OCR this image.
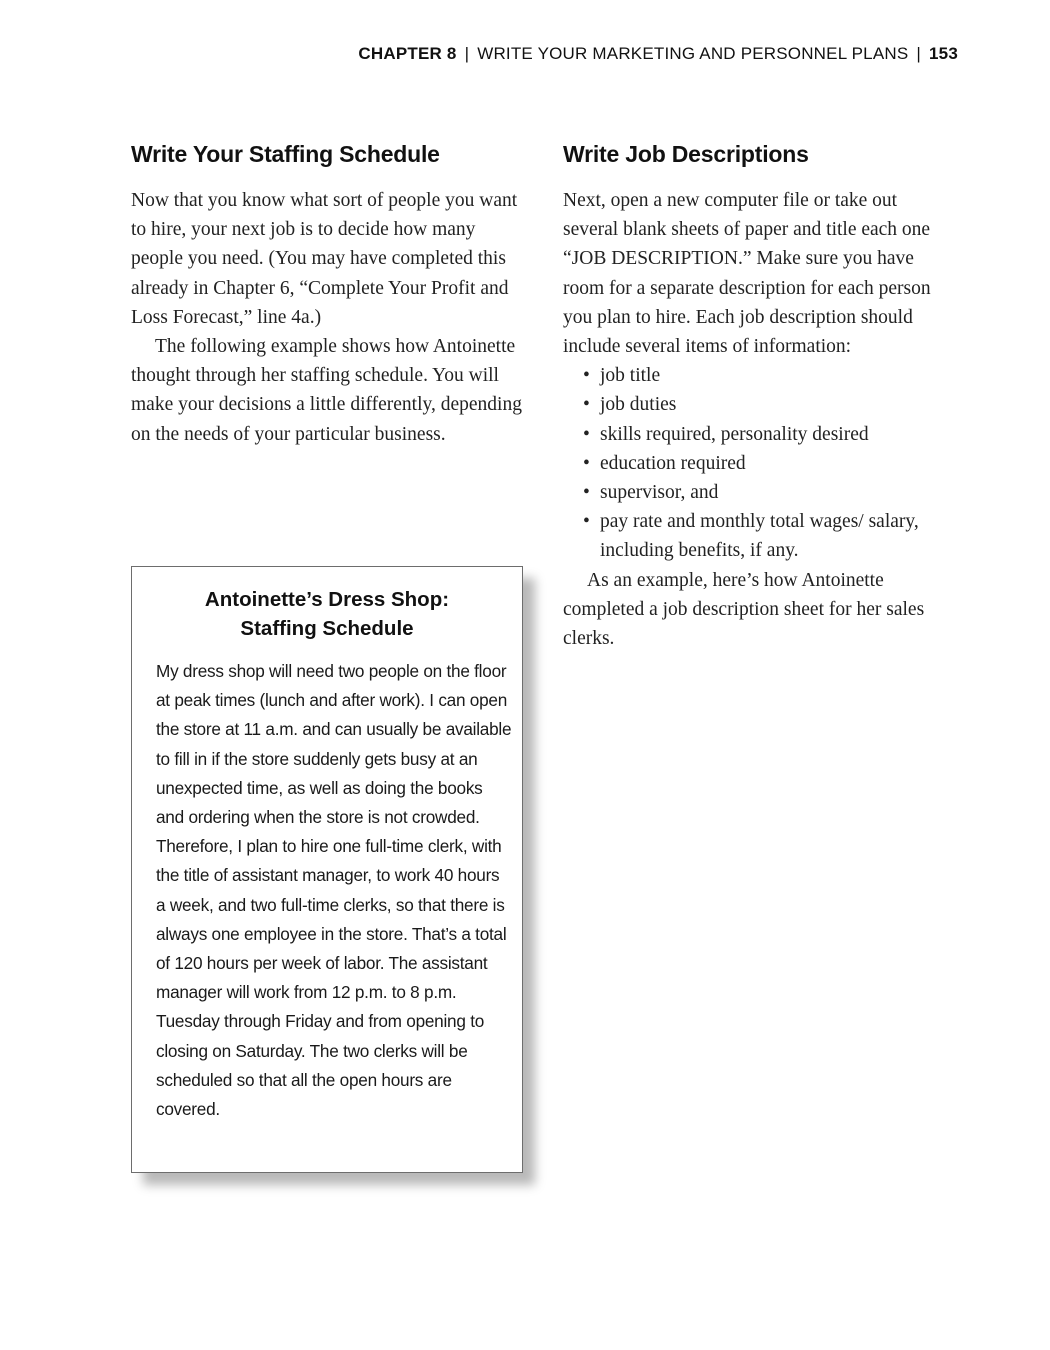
CHAPTER 8 | WRITE YOUR MARKETING AND PERSONNEL PLANS | 153
Write Your Staffing Schedule

Now that you know what sort of people you want to hire, your next job is to decide how many people you need. (You may have completed this already in Chapter 6, “Complete Your Profit and Loss Forecast,” line 4a.)

The following example shows how Antoinette thought through her staffing schedule. You will make your decisions a little differently, depending on the needs of your particular business.

Antoinette’s Dress Shop:
Staffing Schedule

My dress shop will need two people on the floor at peak times (lunch and after work). I can open the store at 11 a.m. and can usually be available to fill in if the store suddenly gets busy at an unexpected time, as well as doing the books and ordering when the store is not crowded. Therefore, I plan to hire one full-time clerk, with the title of assistant manager, to work 40 hours a week, and two full-time clerks, so that there is always one employee in the store. That’s a total of 120 hours per week of labor. The assistant manager will work from 12 p.m. to 8 p.m. Tuesday through Friday and from opening to closing on Saturday. The two clerks will be scheduled so that all the open hours are covered.

Write Job Descriptions

Next, open a new computer file or take out several blank sheets of paper and title each one “JOB DESCRIPTION.” Make sure you have room for a separate description for each person you plan to hire. Each job description should include several items of information:

• job title
• job duties
• skills required, personality desired
• education required
• supervisor, and
• pay rate and monthly total wages/ salary, including benefits, if any.

As an example, here’s how Antoinette completed a job description sheet for her sales clerks.
